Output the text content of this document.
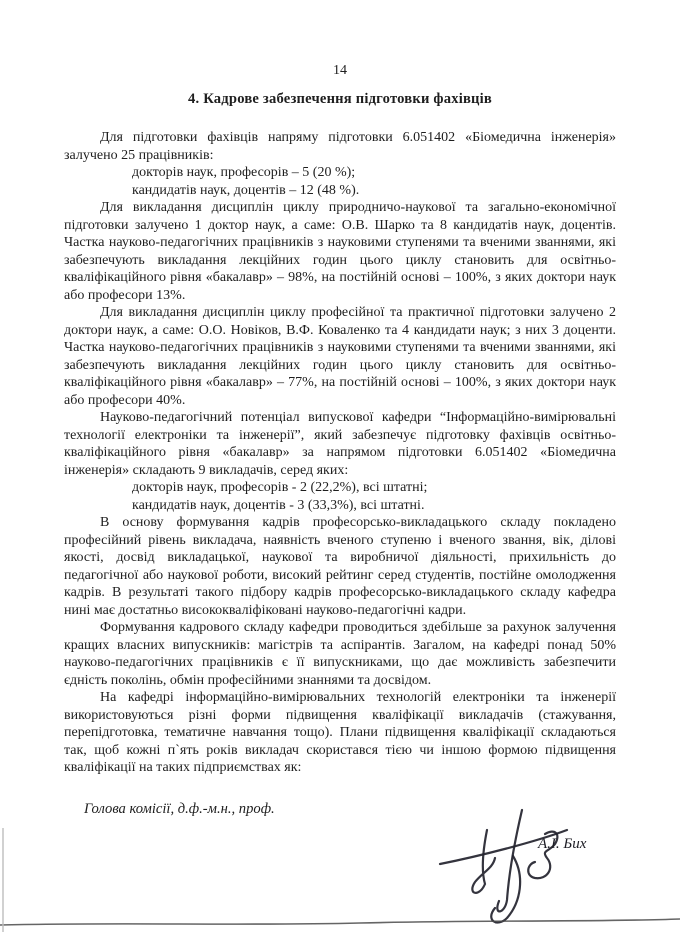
14
4. Кадрове забезпечення підготовки фахівців

Для підготовки фахівців напряму підготовки 6.051402 «Біомедична інженерія» залучено 25 працівників:

докторів наук, професорів – 5 (20 %);
кандидатів наук, доцентів – 12 (48 %).

Для викладання дисциплін циклу природничо-наукової та загально-економічної підготовки залучено 1 доктор наук, а саме: О.В. Шарко та 8 кандидатів наук, доцентів. Частка науково-педагогічних працівників з науковими ступенями та вченими званнями, які забезпечують викладання лекційних годин цього циклу становить для освітньо-кваліфікаційного рівня «бакалавр» – 98%, на постійній основі – 100%, з яких доктори наук або професори 13%.

Для викладання дисциплін циклу професійної та практичної підготовки залучено 2 доктори наук, а саме: О.О. Новіков, В.Ф. Коваленко та 4 кандидати наук; з них 3 доценти. Частка науково-педагогічних працівників з науковими ступенями та вченими званнями, які забезпечують викладання лекційних годин цього циклу становить для освітньо-кваліфікаційного рівня «бакалавр» – 77%, на постійній основі – 100%, з яких доктори наук або професори 40%.

Науково-педагогічний потенціал випускової кафедри “Інформаційно-вимірювальні технології електроніки та інженерії”, який забезпечує підготовку фахівців освітньо-кваліфікаційного рівня «бакалавр» за напрямом підготовки 6.051402 «Біомедична інженерія» складають 9 викладачів, серед яких:

докторів наук, професорів - 2 (22,2%), всі штатні;
кандидатів наук, доцентів - 3 (33,3%), всі штатні.

В основу формування кадрів професорсько-викладацького складу покладено професійний рівень викладача, наявність вченого ступеню і вченого звання, вік, ділові якості, досвід викладацької, наукової та виробничої діяльності, прихильність до педагогічної або наукової роботи, високий рейтинг серед студентів, постійне омолодження кадрів. В результаті такого підбору кадрів професорсько-викладацького складу кафедра нині має достатньо висококваліфіковані науково-педагогічні кадри.

Формування кадрового складу кафедри проводиться здебільше за рахунок залучення кращих власних випускників: магістрів та аспірантів. Загалом, на кафедрі понад 50% науково-педагогічних працівників є її випускниками, що дає можливість забезпечити єдність поколінь, обмін професійними знаннями та досвідом.

На кафедрі інформаційно-вимірювальних технологій електроніки та інженерії використовуються різні форми підвищення кваліфікації викладачів (стажування, перепідготовка, тематичне навчання тощо). Плани підвищення кваліфікації складаються так, щоб кожні п`ять років викладач скористався тією чи іншою формою підвищення кваліфікації на таких підприємствах як:

Голова комісії, д.ф.-м.н., проф.
А.І. Бих
